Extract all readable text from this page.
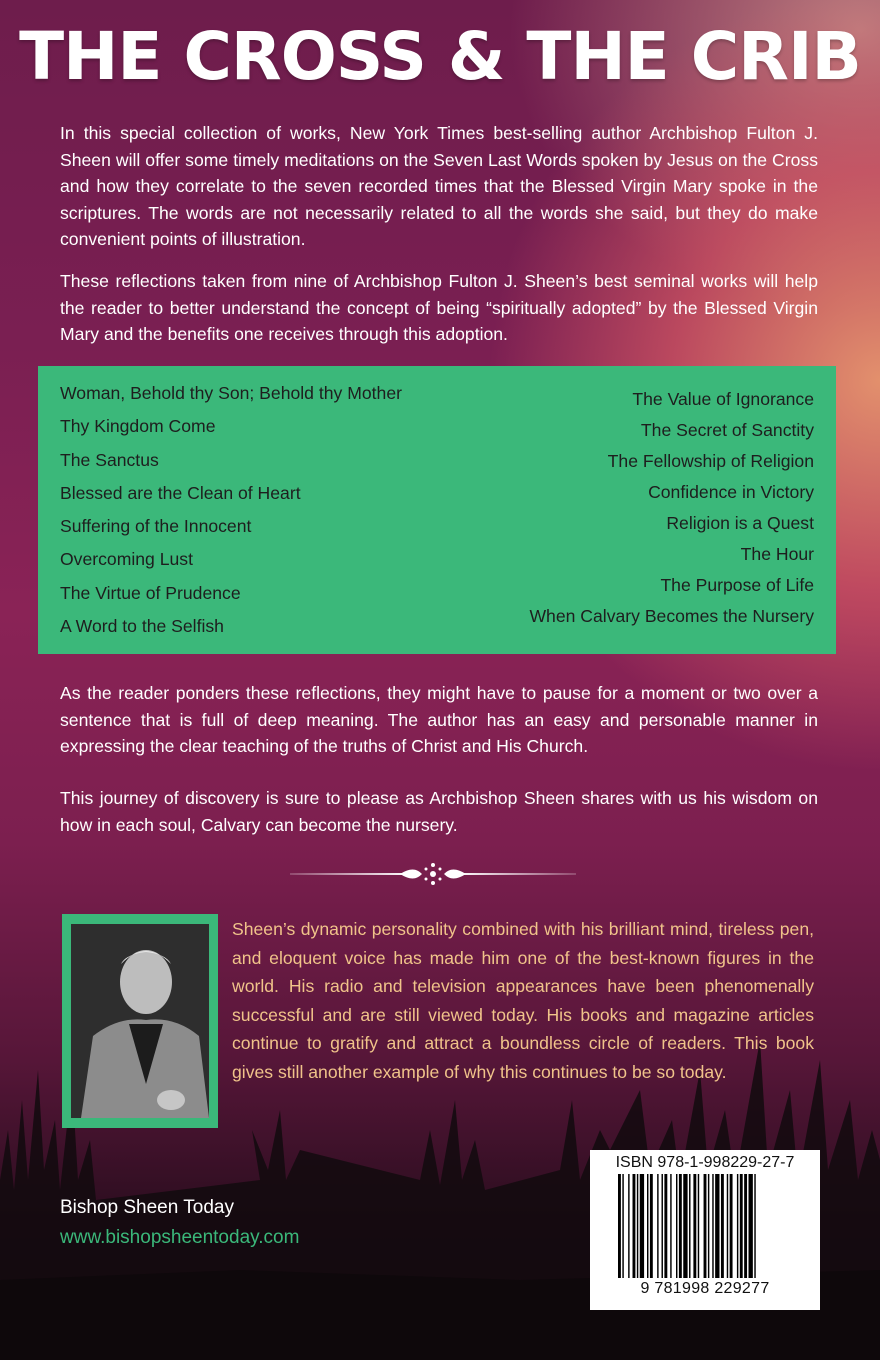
THE CROSS & THE CRIB

In this special collection of works, New York Times best-selling author Archbishop Fulton J. Sheen will offer some timely meditations on the Seven Last Words spoken by Jesus on the Cross and how they correlate to the seven recorded times that the Blessed Virgin Mary spoke in the scriptures. The words are not necessarily related to all the words she said, but they do make convenient points of illustration.

These reflections taken from nine of Archbishop Fulton J. Sheen’s best seminal works will help the reader to better understand the concept of being “spiritually adopted” by the Blessed Virgin Mary and the benefits one receives through this adoption.

Woman, Behold thy Son; Behold thy Mother
Thy Kingdom Come
The Sanctus
Blessed are the Clean of Heart
Suffering of the Innocent
Overcoming Lust
The Virtue of Prudence
A Word to the Selfish
The Value of Ignorance
The Secret of Sanctity
The Fellowship of Religion
Confidence in Victory
Religion is a Quest
The Hour
The Purpose of Life
When Calvary Becomes the Nursery

As the reader ponders these reflections, they might have to pause for a moment or two over a sentence that is full of deep meaning. The author has an easy and personable manner in expressing the clear teaching of the truths of Christ and His Church.

This journey of discovery is sure to please as Archbishop Sheen shares with us his wisdom on how in each soul, Calvary can become the nursery.

Sheen’s dynamic personality combined with his brilliant mind, tireless pen, and eloquent voice has made him one of the best-known figures in the world. His radio and television appearances have been phenomenally successful and are still viewed today. His books and magazine articles continue to gratify and attract a boundless circle of readers. This book gives still another example of why this continues to be so today.

Bishop Sheen Today
www.bishopsheentoday.com
ISBN 978-1-998229-27-7
9 781998 229277
